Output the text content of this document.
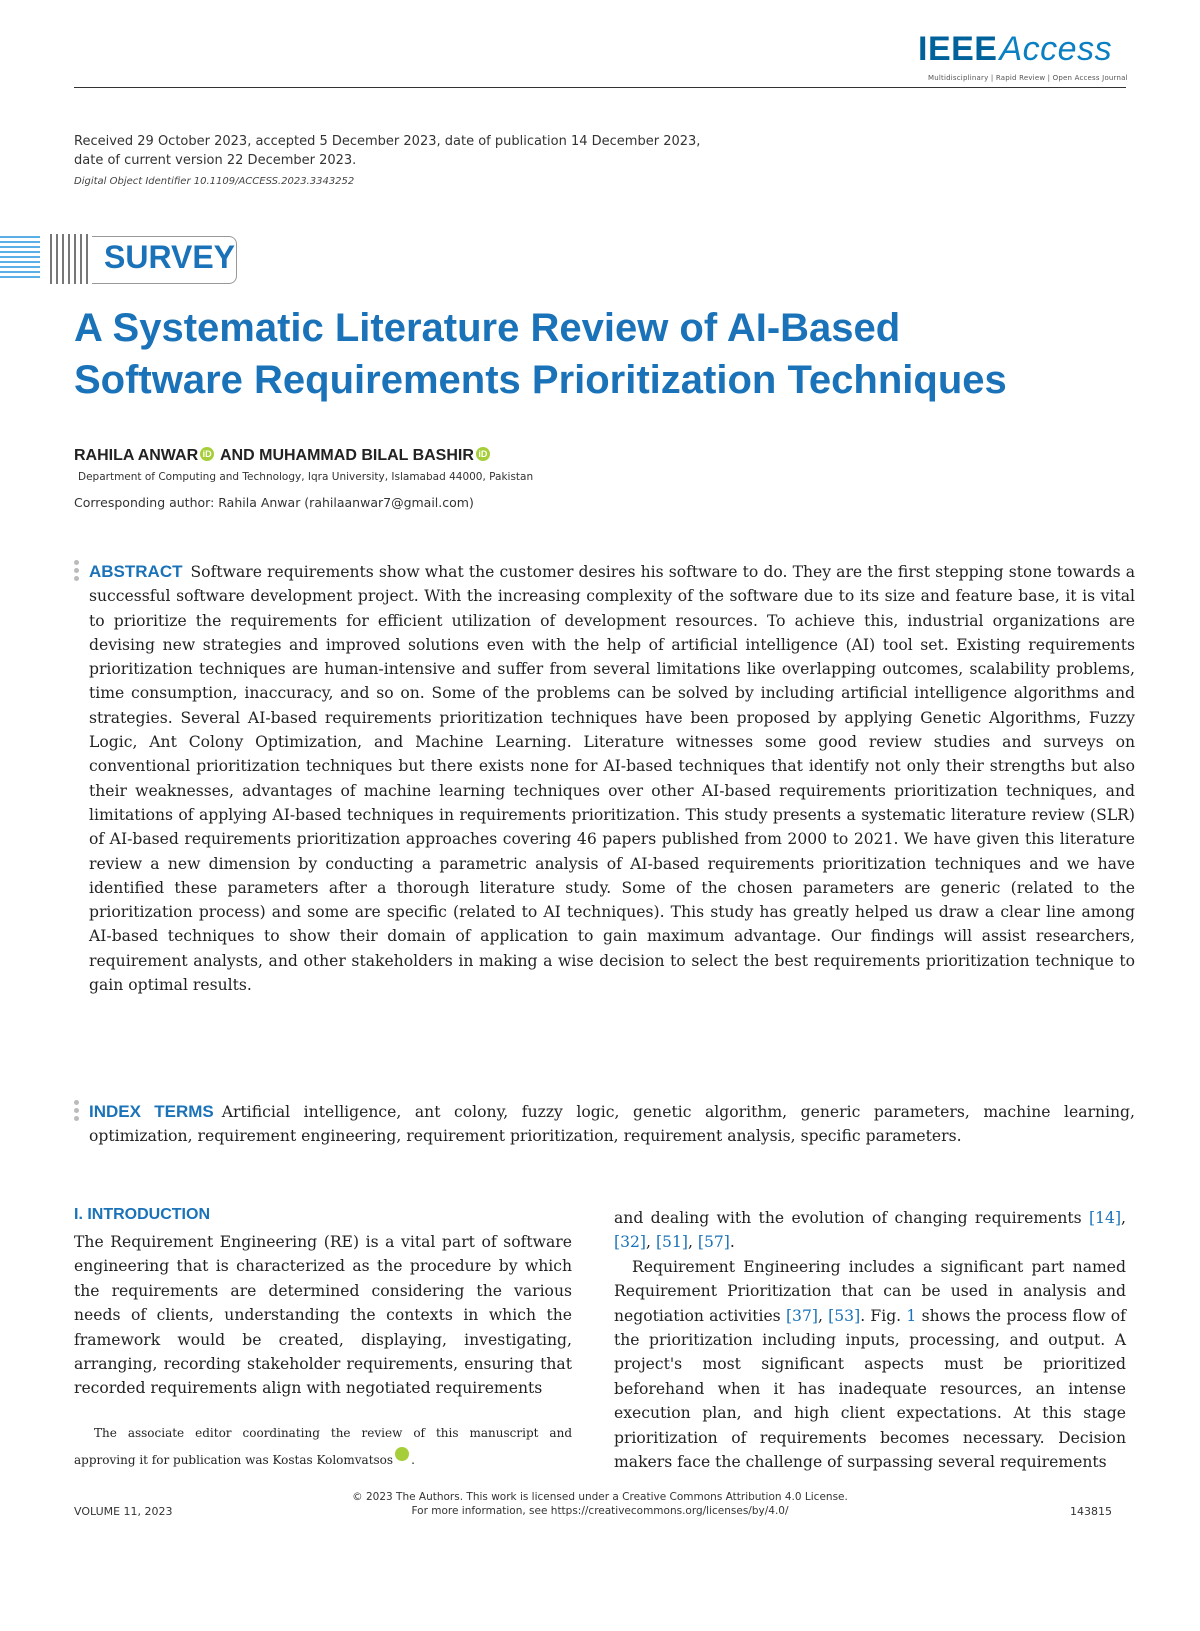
IEEEAccess
Multidisciplinary | Rapid Review | Open Access Journal
Received 29 October 2023, accepted 5 December 2023, date of publication 14 December 2023,
date of current version 22 December 2023.
Digital Object Identifier 10.1109/ACCESS.2023.3343252
SURVEY
A Systematic Literature Review of AI-Based
Software Requirements Prioritization Techniques
RAHILA ANWAR iD AND MUHAMMAD BILAL BASHIR iD
Department of Computing and Technology, Iqra University, Islamabad 44000, Pakistan
Corresponding author: Rahila Anwar (rahilaanwar7@gmail.com)
ABSTRACT Software requirements show what the customer desires his software to do. They are the first stepping stone towards a successful software development project. With the increasing complexity of the software due to its size and feature base, it is vital to prioritize the requirements for efficient utilization of development resources. To achieve this, industrial organizations are devising new strategies and improved solutions even with the help of artificial intelligence (AI) tool set. Existing requirements prioritization techniques are human-intensive and suffer from several limitations like overlapping outcomes, scalability problems, time consumption, inaccuracy, and so on. Some of the problems can be solved by including artificial intelligence algorithms and strategies. Several AI-based requirements prioritization techniques have been proposed by applying Genetic Algorithms, Fuzzy Logic, Ant Colony Optimization, and Machine Learning. Literature witnesses some good review studies and surveys on conventional prioritization techniques but there exists none for AI-based techniques that identify not only their strengths but also their weaknesses, advantages of machine learning techniques over other AI-based requirements prioritization techniques, and limitations of applying AI-based techniques in requirements prioritization. This study presents a systematic literature review (SLR) of AI-based requirements prioritization approaches covering 46 papers published from 2000 to 2021. We have given this literature review a new dimension by conducting a parametric analysis of AI-based requirements prioritization techniques and we have identified these parameters after a thorough literature study. Some of the chosen parameters are generic (related to the prioritization process) and some are specific (related to AI techniques). This study has greatly helped us draw a clear line among AI-based techniques to show their domain of application to gain maximum advantage. Our findings will assist researchers, requirement analysts, and other stakeholders in making a wise decision to select the best requirements prioritization technique to gain optimal results.
INDEX TERMS Artificial intelligence, ant colony, fuzzy logic, genetic algorithm, generic parameters, machine learning, optimization, requirement engineering, requirement prioritization, requirement analysis, specific parameters.
I. INTRODUCTION

The Requirement Engineering (RE) is a vital part of software engineering that is characterized as the procedure by which the requirements are determined considering the various needs of clients, understanding the contexts in which the framework would be created, displaying, investigating, arranging, recording stakeholder requirements, ensuring that recorded requirements align with negotiated requirements

and dealing with the evolution of changing requirements [14], [32], [51], [57].

Requirement Engineering includes a significant part named Requirement Prioritization that can be used in analysis and negotiation activities [37], [53]. Fig. 1 shows the process flow of the prioritization including inputs, processing, and output. A project's most significant aspects must be prioritized beforehand when it has inadequate resources, an intense execution plan, and high client expectations. At this stage prioritization of requirements becomes necessary. Decision makers face the challenge of surpassing several requirements

The associate editor coordinating the review of this manuscript and approving it for publication was Kostas Kolomvatsos iD.

VOLUME 11, 2023
© 2023 The Authors. This work is licensed under a Creative Commons Attribution 4.0 License.
For more information, see https://creativecommons.org/licenses/by/4.0/	143815
